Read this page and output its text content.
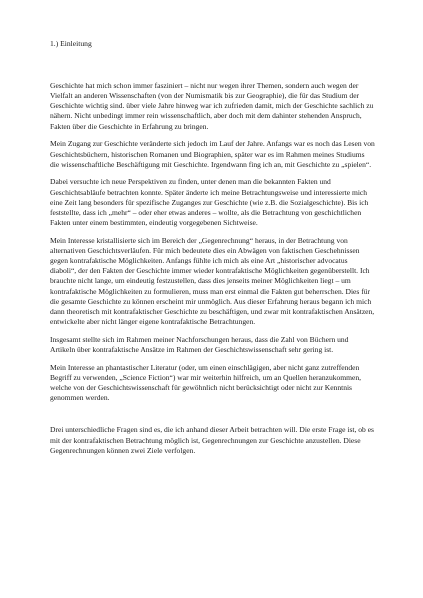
1.) Einleitung

Geschichte hat mich schon immer fasziniert – nicht nur wegen ihrer Themen, sondern auch wegen der Vielfalt an anderen Wissenschaften (von der Numismatik bis zur Geographie), die für das Studium der Geschichte wichtig sind. über viele Jahre hinweg war ich zufrieden damit, mich der Geschichte sachlich zu nähern. Nicht unbedingt immer rein wissenschaftlich, aber doch mit dem dahinter stehenden Anspruch, Fakten über die Geschichte in Erfahrung zu bringen.

Mein Zugang zur Geschichte veränderte sich jedoch im Lauf der Jahre. Anfangs war es noch das Lesen von Geschichtsbüchern, historischen Romanen und Biographien, später war es im Rahmen meines Studiums die wissenschaftliche Beschäftigung mit Geschichte. Irgendwann fing ich an, mit Geschichte zu „spielen“.

Dabei versuchte ich neue Perspektiven zu finden, unter denen man die bekannten Fakten und Geschichtsabläufe betrachten konnte. Später änderte ich meine Betrachtungsweise und interessierte mich eine Zeit lang besonders für spezifische Zuganges zur Geschichte (wie z.B. die Sozialgeschichte). Bis ich feststellte, dass ich „mehr“ – oder eher etwas anderes – wollte, als die Betrachtung von geschichtlichen Fakten unter einem bestimmten, eindeutig vorgegebenen Sichtweise.

Mein Interesse kristallisierte sich im Bereich der „Gegenrechnung“ heraus, in der Betrachtung von alternativen Geschichtsverläufen. Für mich bedeutete dies ein Abwägen von faktischen Geschehnissen gegen kontrafaktische Möglichkeiten. Anfangs fühlte ich mich als eine Art „historischer advocatus diaboli“, der den Fakten der Geschichte immer wieder kontrafaktische Möglichkeiten gegenüberstellt. Ich brauchte nicht lange, um eindeutig festzustellen, dass dies jenseits meiner Möglichkeiten liegt – um kontrafaktische Möglichkeiten zu formulieren, muss man erst einmal die Fakten gut beherrschen. Dies für die gesamte Geschichte zu können erscheint mir unmöglich. Aus dieser Erfahrung heraus begann ich mich dann theoretisch mit kontrafaktischer Geschichte zu beschäftigen, und zwar mit kontrafaktischen Ansätzen, entwickelte aber nicht länger eigene kontrafaktische Betrachtungen.

Insgesamt stellte sich im Rahmen meiner Nachforschungen heraus, dass die Zahl von Büchern und Artikeln über kontrafaktische Ansätze im Rahmen der Geschichtswissenschaft sehr gering ist.

Mein Interesse an phantastischer Literatur (oder, um einen einschlägigen, aber nicht ganz zutreffenden Begriff zu verwenden, „Science Fiction“) war mir weiterhin hilfreich, um an Quellen heranzukommen, welche von der Geschichtswissenschaft für gewöhnlich nicht berücksichtigt oder nicht zur Kenntnis genommen werden.

Drei unterschiedliche Fragen sind es, die ich anhand dieser Arbeit betrachten will. Die erste Frage ist, ob es mit der kontrafaktischen Betrachtung möglich ist, Gegenrechnungen zur Geschichte anzustellen. Diese Gegenrechnungen können zwei Ziele verfolgen.
